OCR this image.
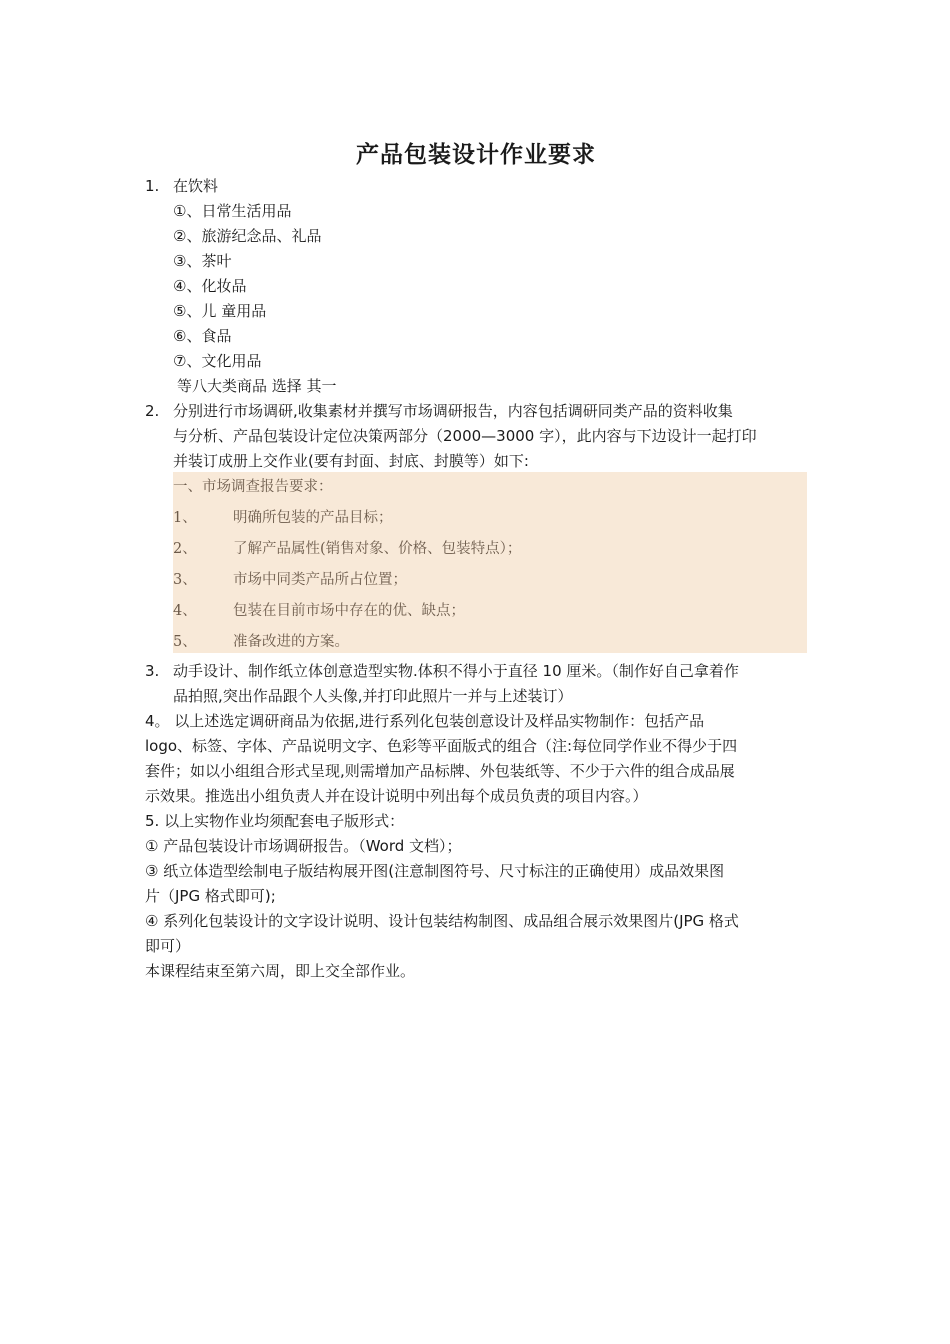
产品包装设计作业要求
1. 在饮料
①、日常生活用品
②、旅游纪念品、礼品
③、茶叶
④、化妆品
⑤、儿 童用品
⑥、食品
⑦、文化用品
等八大类商品 选择 其一
2. 分别进行市场调研,收集素材并撰写市场调研报告，内容包括调研同类产品的资料收集
与分析、产品包装设计定位决策两部分（2000—3000 字），此内容与下边设计一起打印
并装订成册上交作业(要有封面、封底、封膜等）如下:
一、市场调查报告要求：
1、	明确所包装的产品目标；
2、	了解产品属性(销售对象、价格、包装特点）；
3、	市场中同类产品所占位置；
4、	包装在目前市场中存在的优、缺点；
5、	准备改进的方案。
3. 动手设计、制作纸立体创意造型实物.体积不得小于直径 10 厘米。（制作好自己拿着作
品拍照,突出作品跟个人头像,并打印此照片一并与上述装订）
4。 以上述选定调研商品为依据,进行系列化包装创意设计及样品实物制作：包括产品
logo、标签、字体、产品说明文字、色彩等平面版式的组合（注:每位同学作业不得少于四
套件；如以小组组合形式呈现,则需增加产品标牌、外包装纸等、不少于六件的组合成品展
示效果。推选出小组负责人并在设计说明中列出每个成员负责的项目内容。）
5. 以上实物作业均须配套电子版形式：
① 产品包装设计市场调研报告。（Word 文档）；
③ 纸立体造型绘制电子版结构展开图(注意制图符号、尺寸标注的正确使用）成品效果图
片（JPG 格式即可);
④ 系列化包装设计的文字设计说明、设计包装结构制图、成品组合展示效果图片(JPG 格式
即可）
本课程结束至第六周，即上交全部作业。
